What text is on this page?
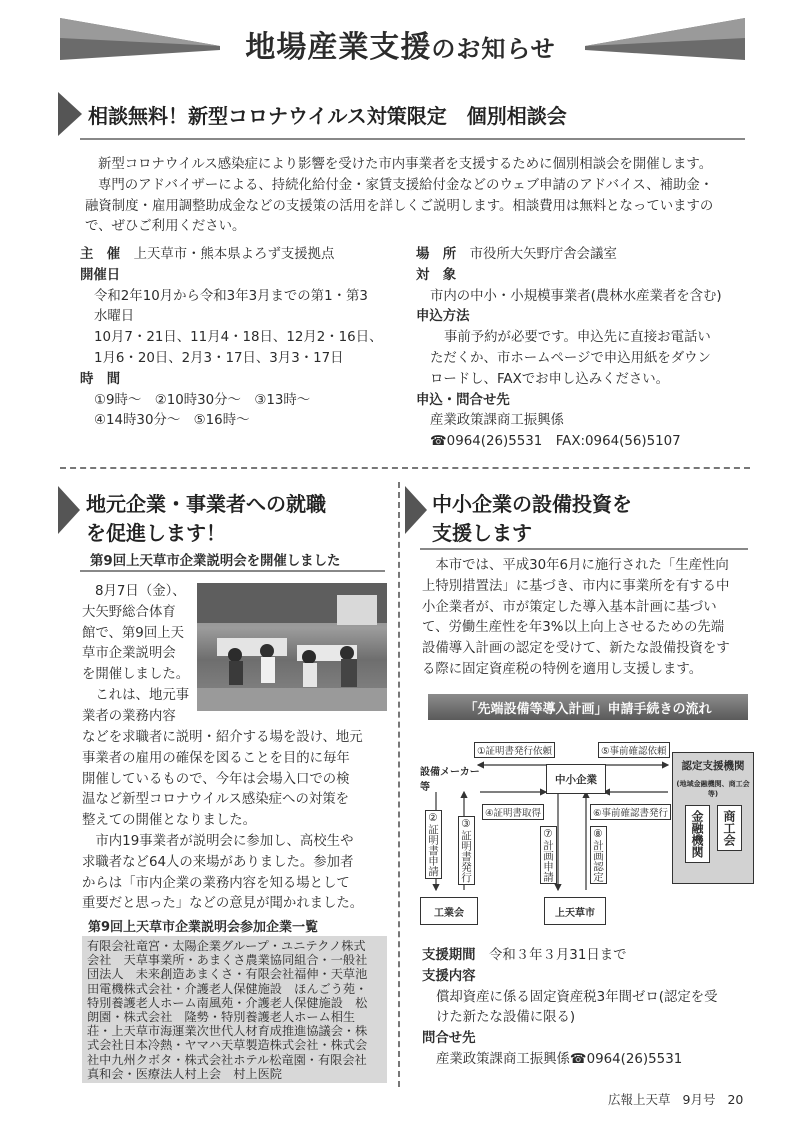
地場産業支援のお知らせ
相談無料！新型コロナウイルス対策限定　個別相談会

新型コロナウイルス感染症により影響を受けた市内事業者を支援するために個別相談会を開催します。

専門のアドバイザーによる、持続化給付金・家賃支援給付金などのウェブ申請のアドバイス、補助金・

融資制度・雇用調整助成金などの支援策の活用を詳しくご説明します。相談費用は無料となっていますの

で、ぜひご利用ください。

主　催　 上天草市・熊本県よろず支援拠点

開催日

令和2年10月から令和3年3月までの第1・第3

水曜日

10月7・21日、11月4・18日、12月2・16日、

1月6・20日、2月3・17日、3月3・17日

時　間

①9時～　②10時30分～　③13時～

④14時30分～　⑤16時～

場　所　 市役所大矢野庁舎会議室

対　象

市内の中小・小規模事業者(農林水産業者を含む)

申込方法

事前予約が必要です。申込先に直接お電話い

ただくか、市ホームページで申込用紙をダウン

ロードし、FAXでお申し込みください。

申込・問合せ先

産業政策課商工振興係

☎0964(26)5531　FAX:0964(56)5107

地元企業・事業者への就職
を促進します！
第9回上天草市企業説明会を開催しました

8月7日（金）、

大矢野総合体育

館で、第9回上天

草市企業説明会

を開催しました。

　これは、地元事

業者の業務内容

などを求職者に説明・紹介する場を設け、地元

事業者の雇用の確保を図ることを目的に毎年

開催しているもので、今年は会場入口での検

温など新型コロナウイルス感染症への対策を

整えての開催となりました。

　市内19事業者が説明会に参加し、高校生や

求職者など64人の来場がありました。参加者

からは「市内企業の業務内容を知る場として

重要だと思った」などの意見が聞かれました。

第9回上天草市企業説明会参加企業一覧

有限会社竜宮・太陽企業グループ・ユニテクノ株式

会社　天草事業所・あまくさ農業協同組合・一般社

団法人　未来創造あまくさ・有限会社福伸・天草池

田電機株式会社・介護老人保健施設　ほんごう苑・

特別養護老人ホーム南風苑・介護老人保健施設　松

朗園・株式会社　隆勢・特別養護老人ホーム相生

荘・上天草市海運業次世代人材育成推進協議会・株

式会社日本冷熱・ヤマハ天草製造株式会社・株式会

社中九州クボタ・株式会社ホテル松竜園・有限会社

真和会・医療法人村上会　村上医院

中小企業の設備投資を
支援します

　本市では、平成30年6月に施行された「生産性向

上特別措置法」に基づき、市内に事業所を有する中

小企業者が、市が策定した導入基本計画に基づい

て、労働生産性を年3%以上向上させるための先端

設備導入計画の認定を受けて、新たな設備投資をす

る際に固定資産税の特例を適用し支援します。

「先端設備等導入計画」申請手続きの流れ
設備メーカー等
中小企業
認定支援機関
(地域金融機関、商工会等)
金融機関	商工会
工業会	上天草市
①証明書発行依頼
④証明書取得
⑤事前確認依頼
⑥事前確認書発行
②証明書申請 ③証明書発行	⑦計画申請	⑧計画認定

支援期間　 令和３年３月31日まで

支援内容

償却資産に係る固定資産税3年間ゼロ(認定を受

けた新たな設備に限る)

問合せ先

産業政策課商工振興係☎0964(26)5531

広報上天草 9月号 20
